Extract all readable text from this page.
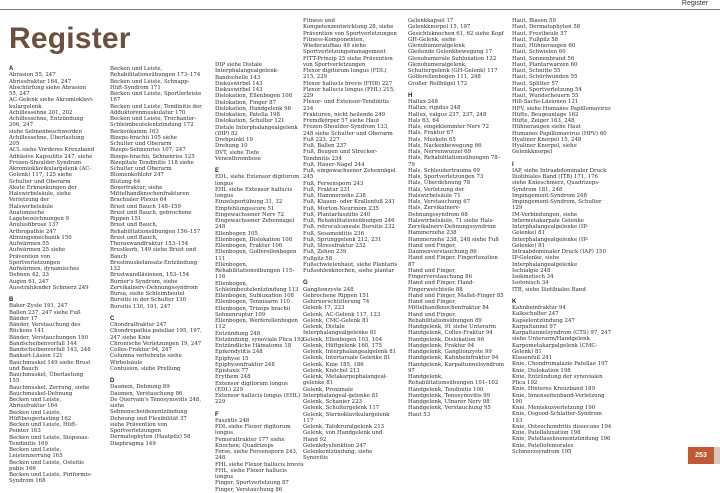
Register
Register
A
Abrasion 55, 247
Abrissfraktur 164, 247
Abschürfung siehe Abrasion 55, 247
AC-Gelenk siehe Akromioklavi-kulargelenk
Achillessehne 201, 202
Achillessehne, Entzündung 206, 247
siehe Sehnenbeschwerden
Achillessehne, Überlastung 205
ACL siehe Vorderes Kreuzband
Adhäsive Kapsulitis 247, siehe Frozen-Shoulder-Syndrom
Akromioklavikulargelenk (AC-Gelenk) 117, 125 siehe Schulter und Oberarm
Akute Erkrankungen der Halswirbelsäule, siehe Verletzung der Halswirbelsäule
Anatomische Lagebezeichnungen 9
Anulusfibrose 137
Arthropathie 247
Atmungsmechanik 150
Aufwärmen 55
Aufwärmen 25 siehe Prävention von Sportverletzungen
Aufwärmen, dynamisches Dehnen 42, 23
Augen 61, 247
Ausstrahlender Schmerz 249
B
Baker-Zyste 191, 247
Ballen 237, 247 siehe Fuß
Bänder 17
Bänder, Verstauchung des Rückens 141
Bänder, Verstauchungen 190
Bandscheibenvorfall 144
Bandscheibenvorfall 143, 248
Bankart-Läsion 121
Bauchmuskel 149 siehe Brust und Bauch
Bauchmuskel, Überlastung 155
Bauchmuskel, Zerrung, siehe Bauchmuskel-Dehnung
Becken und Leiste, Abrissfraktur 164
Becken und Leiste, Hüftbeugerlasting 162
Becken und Leiste, Hüft-Pointer 163
Becken und Leiste, Iliopsoas-Tendinitis 169
Becken und Leiste, Leistenzerrung 165
Becken und Leiste, Osteitis pubis 166
Becken und Leiste, Piriformis-Syndrom 168
Becken und Leiste, Rehabilitationsübungen 173–174
Becken und Leiste, Schnapp-Hüft-Syndrom 171
Becken und Leiste, Sportlerleiste 167
Becken und Leiste, Tendinitis der Adduktorenmuskulatur 170
Becken und Leiste, Trochanter-Schleimbeutelentzündung 172
Beckenkamm 163
Bizeps-brachii 105 siehe Schulter und Oberarm
Bizeps-Sehnenriss 107, 247
Bizeps-brachii, Sehnenriss 125
Bizepitale Tendinitis 118 siehe Schulter und Oberarm
Blumenkohlohr 247
Blutung 64
Boxerfraktur, siehe Mittelhandknochenfrakturen
Brachialer Plexus 64
Brust und Bauch 148–159
Brust und Bauch, gebrochene Rippen 151
Brust und Bauch, Rehabilitationsübungen 156–157
Brust und Bauch, Thoraxwandfraktur 153–154
Brustkorb, 149 siehe Brust und Bauch
Brustmuskelansatz-Entzündung 132
Brustwandläsionen, 153–154
Burner's Syndrom, siehe Zervikalnerv-Dehnungssyndrom
Bursa, siehe Schleimbeutel
Bursitis in der Schulter 130
Bursitis 130, 191, 247
C
Chondralfraktur 247
Chondropathia patellae 195, 197, 247 siehe Knie
Chronische Verletzungen 19, 247
Colles-Fraktur 94, 247
Columna vertebralis siehe Wirbelsäule
Contusion, siehe Prellung
D
Daumen, Dehnung 89
Daumen, Verstauchung 86
De Quervain's Tenosynovitis 248, siehe Sehnenscheidenentzündung
Dehnung und Flexibilität 37 siehe Prävention von Sportverletzungen
Dermatophyten (Hautpilz) 58
Diaphragma 149
DIP siehe Distale Interphalangealgelenk-Bandschelle 143
Diskuswirbel 143
Diskuswirbel 143
Dislokation, Ellenbogen 108
Dislokation, Finger 87
Dislokation, Handgelenk 96
Dislokation, Patella 198
Dislokation, Schulter 121
Distale Interphalangealgelenk (DIP) 82
Drehpunkt 19
Drehung 10
DVT, siehe Tiefe Venenthrombose
E
EDL, siehe Extensor digitorum longus
EHL siehe Extensor hallucis longus
Einzelsportübung 31, 32
Empfehlungsscore 51
Eingewachsener Nerv 72
Eingewachsener Zehennagel 248
Ellenbogen 105
Ellenbogen, Dislokation 108
Ellenbogen, Fraktur 106
Ellenbogen, Golferellenbogen 111
Ellenbogen, Rehabilitationsübungen 115–116
Ellenbogen, Schleimbeutelentzündung 113
Ellenbogen, Subluxation 108
Ellenbogen, Tennisarm 110
Ellenbogen, Trizeps brachii Sehnenruptur 109
Ellenbogen, Werferellenbogen 112
Entzündung 248
Entzündung, synoviale Plica 192
Entzündliche Hämatome 18
Epikondylitis 248
Epiphyse 15
Epiphysenfraktur 248
Epistaxis 77
Erythem 248
Extensor digitorum longus (EDL) 229
Extensor hallucis longus (EHL) 229
F
Fasziitis 248
FDL siehe Flexor digitorum longus
Femoraltrakter 177 siehe Knochen; Quadrizeps
Ferse, siehe Fersensporn 243, 248
FHL siehe Flexor hallucis brevis
FHL, siehe Flexor hallucis longus
Finger, Sportverletzung 87
Finger, Verstauchung 86
Fitness und Kompetenzentwicklung 28, siehe Prävention von Sportverletzungen
Fitness-Komponenten, Wiederaufbau 49 siehe Sportverletzungsmanagement
FITT-Prinzip 25 siehe Prävention von Sportverletzungen
Flexor digitorum longus (FDL) 215, 229
Flexor hallucis brevis (FHB) 227
Flexor hallucis longus (FHL) 215, 229
Flexor- und Extensor-Tendinitis 234
Frakturen, nicht heilende 249
Fremdkörper 57 siehe Haut
Frozen-Shoulder-Syndrom 133, 248 siehe Schulter und Oberarm
Fuß 223, 227
Fuß, Ballen 237
Fuß, Beugen und Strecker-Tendinitis 234
Fuß, Hauer-Nagel 244
Fuß, eingewachsener Zehennägel 245
Fuß, Fersensporn 243
Fuß, Fraktur 231
Fuß, Hammerzehe 238
Fuß, Klauen- oder Krallenfuß 241
Fuß, Morton-Neurinom 235
Fuß, Plantarfasziitis 240
Fuß, Rehabilitationsübungen 246
Fuß, retrocalcaneale Bursitis 232
Fuß, Sesamoiditis 236
Fuß, Sprunggelenk 212, 231
Fuß, Stressfraktur 232
Fuß, Zehen 239
Fußpilz 58
Fußschwielenhaut, siehe Plantaris
Fußsohlenknochen, siehe plantar
G
Ganglionzyste 248
Gebrochene Rippen 151
Gehirnerschütterung 74
Gelenk 17, 223
Gelenk, AC-Gelenk 117, 123
Gelenk, CMC-Gelenk 81
Gelenk, Distale Interphalangealgelenke 81
Gelenk, Ellenbogen 103, 104
Gelenk, Hüftgelenk 160, 175
Gelenk, Interphalangealgelenk 81
Gelenk, Intertarsale Gelenke 81
Gelenk, Knie 185, 186
Gelenk, Knöchel 213
Gelenk, Metakarpophalangeal-gelenke 81
Gelenk, Proximale Interphalangeal-gelenke 81
Gelenk, Schanier 223
Gelenk, Schultergelenk 117
Gelenk, Sternoklavikulargelenk 117
Gelenk, Talokruralgelenk 213
Gelenk, von Handgelenk und Hand 92
Gelenkdysfunktion 247
Gelenkentzündung, siehe Synovitis
Gelenkkapsel 17
Gelenkknorpel 15, 197
Gesichtsknochen 61, 62 siehe Kopf
GH-Gelenk, siehe Glenohumeralgelenk
Gleitende Gelenkbewegung 17
Glenohumerale Subluxation 122
Glenohumeralgelenk, Schultergelenk (GH-Gelenk) 117
Golferellenbogen 111, 248
Großer Rollhügel 172
H
Hallux 248
Hallux, rigidus 248
Hallux, valgus 237, 237, 248
Hals 63, 64
Hals, eingeklemmter Nerv 72
Hals, Fraktur 67
Hals, Muskeln 65
Hals, Nackenbewegung 66
Hals, Nervenwurzel 69
Hals, Rehabilitationsübungen 78–79
Hals, Schleudertrauma 69
Hals, Sportverletzungen 73
Hals, Überdehnung 78
Hals, Verletzung der Halswirbelsäule 71
Hals, Verstauchung 67
Hals, Zervikalnerv-Dehnungssyndrom 68
Halswirbelsäule, 71 siehe Hals-Zervikalnerv-Dehnungssyndrom
Hammerzehe 238
Hammerzehe 238, 248 siehe Fuß
Hand und Finger, Daumenverstauchung 86
Hand und Finger, Fingerluxation 87
Hand und Finger, Fingerverstauchung 86
Hand und Finger, Hand-Fingerweichteile 88
Hand und Finger, Mallet-Finger 85
Hand und Finger, Mittelhandknochenfraktur 84
Hand und Finger, Rehabilitationsübungen 89
Handgelenk, 91 siehe Unterarm
Handgelenk, Colles-Fraktur 94
Handgelenk, Dislokation 96
Handgelenk, Fraktur 94
Handgelenk, Ganglionzyste 99
Handgelenk, Kahnbeinfraktur 94
Handgelenk, Karpaltunnelsyndrom 97
Handgelenk, Rehabilitationsübungen 101–102
Handgelenk, Tendinitis 100
Handgelenk, Tenosynovitis 99
Handgelenk, Ulnarer Nerv 98
Handgelenk, Verstauchung 95
Haut 53
Haut, Blasen 59
Haut, Dermatophyten 58
Haut, Frostbeule 57
Haut, Fußpilz 58
Haut, Hühneraugen 60
Haut, Schwielen 60
Haut, Sonnenbrand 56
Haut, Plantarwarzen 60
Haut, Schnitte 55
Haut, Schürfwunden 55
Haut, Splitter 57
Haut, Sportverletzung 54
Haut, Wundscheuern 55
Hill-Sachs-Läsionen 121
HPV, siehe Humanes Papillomavirus
Hüfte, Beugeanlage 162
Hüfte, Zeiger 163, 248
Hühneraugen siehe Haut
Humanes Papillomavirus (HPV) 60
Hyaliner Knorpel 15, 248
Hyaliner Knorpel, siehe Gelenkknorpel
I
IAP, siehe Intraabdominaler Druck
Iliotibiales Band (ITB) 171, 176 siehe Knieschmerz, Quadrizeps-Syndrom 181, 248
Impingement-Syndrom 248
Impingement-Syndrom, Schulter 129
IM-Verbindungen, siehe Intermetakarpale Gelenke
Interphalangealgelenke (IP-Gelenke) 81
Interphalangealgelenke (IP-Gelenke) 81
Intraabdominaler Druck (IAP) 150
IP-Gelenke, siehe Interphalangealgelenke
Ischialgie 248
Isokinetisch 34
Isotonisch 34
ITB, siehe Iliotibiales Band
K
Kahnbeinfraktur 94
Kalkschulter 247
Kapselentzündung 247
Karpaltunnel 97
Karpaltunnelsyndrom (CTS) 97, 247 siehe Unterarm/Handgelenk
Karpometakarpalgelenk (CMC-Gelenk) 81
Klauenfuß 241
Knie, Chondromalazie Patellae 197
Knie, Dislokation 198
Knie, Entzündung der synovialen Plica 192
Knie, Hinteres Kreuzband 189
Knie, Innenseitenband-Verletzung 190
Knie, Meniskusverletzung 190
Knie, Osgood-Schlatter-Syndrom 193
Knie, Osteochondritis dissecans 194
Knie, Patellaluxation 198
Knie, Patellasehnenentzündung 196
Knie, Patellofemorales Schmerzsyndrom 195
253
